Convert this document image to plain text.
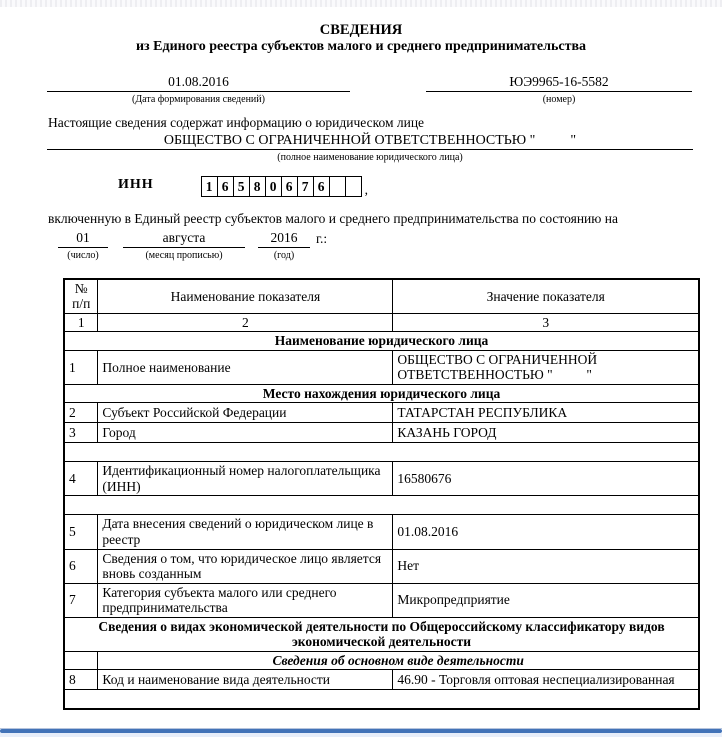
СВЕДЕНИЯ
из Единого реестра субъектов малого и среднего предпринимательства
01.08.2016
(Дата формирования сведений)
ЮЭ9965-16-5582
(номер)
Настоящие сведения содержат информацию о юридическом лице
ОБЩЕСТВО С ОГРАНИЧЕННОЙ ОТВЕТСТВЕННОСТЬЮ "          "
(полное наименование юридического лица)
ИНН	1 6 5 8 0 6 7 6	,
включенную в Единый реестр субъектов малого и среднего предпринимательства по состоянию на
01
(число)
августа
(месяц прописью)
2016
(год)
г.:
№
п/п	Наименование показателя	Значение показателя
1	2	3
Наименование юридического лица		
1	Полное наименование	ОБЩЕСТВО С ОГРАНИЧЕННОЙ ОТВЕТСТВЕННОСТЬЮ "          "
Место нахождения юридического лица		
2	Субъект Российской Федерации	ТАТАРСТАН РЕСПУБЛИКА
3	Город	КАЗАНЬ ГОРОД

4	Идентификационный номер налогоплательщика (ИНН)	16580676

5	Дата внесения сведений о юридическом лице в реестр	01.08.2016
6	Сведения о том, что юридическое лицо является вновь созданным	Нет
7	Категория субъекта малого или среднего предпринимательства	Микропредприятие
Сведения о видах экономической деятельности по Общероссийскому классификатору видов экономической деятельности		
	Сведения об основном виде деятельности	
8	Код и наименование вида деятельности	46.90 - Торговля оптовая неспециализированная
